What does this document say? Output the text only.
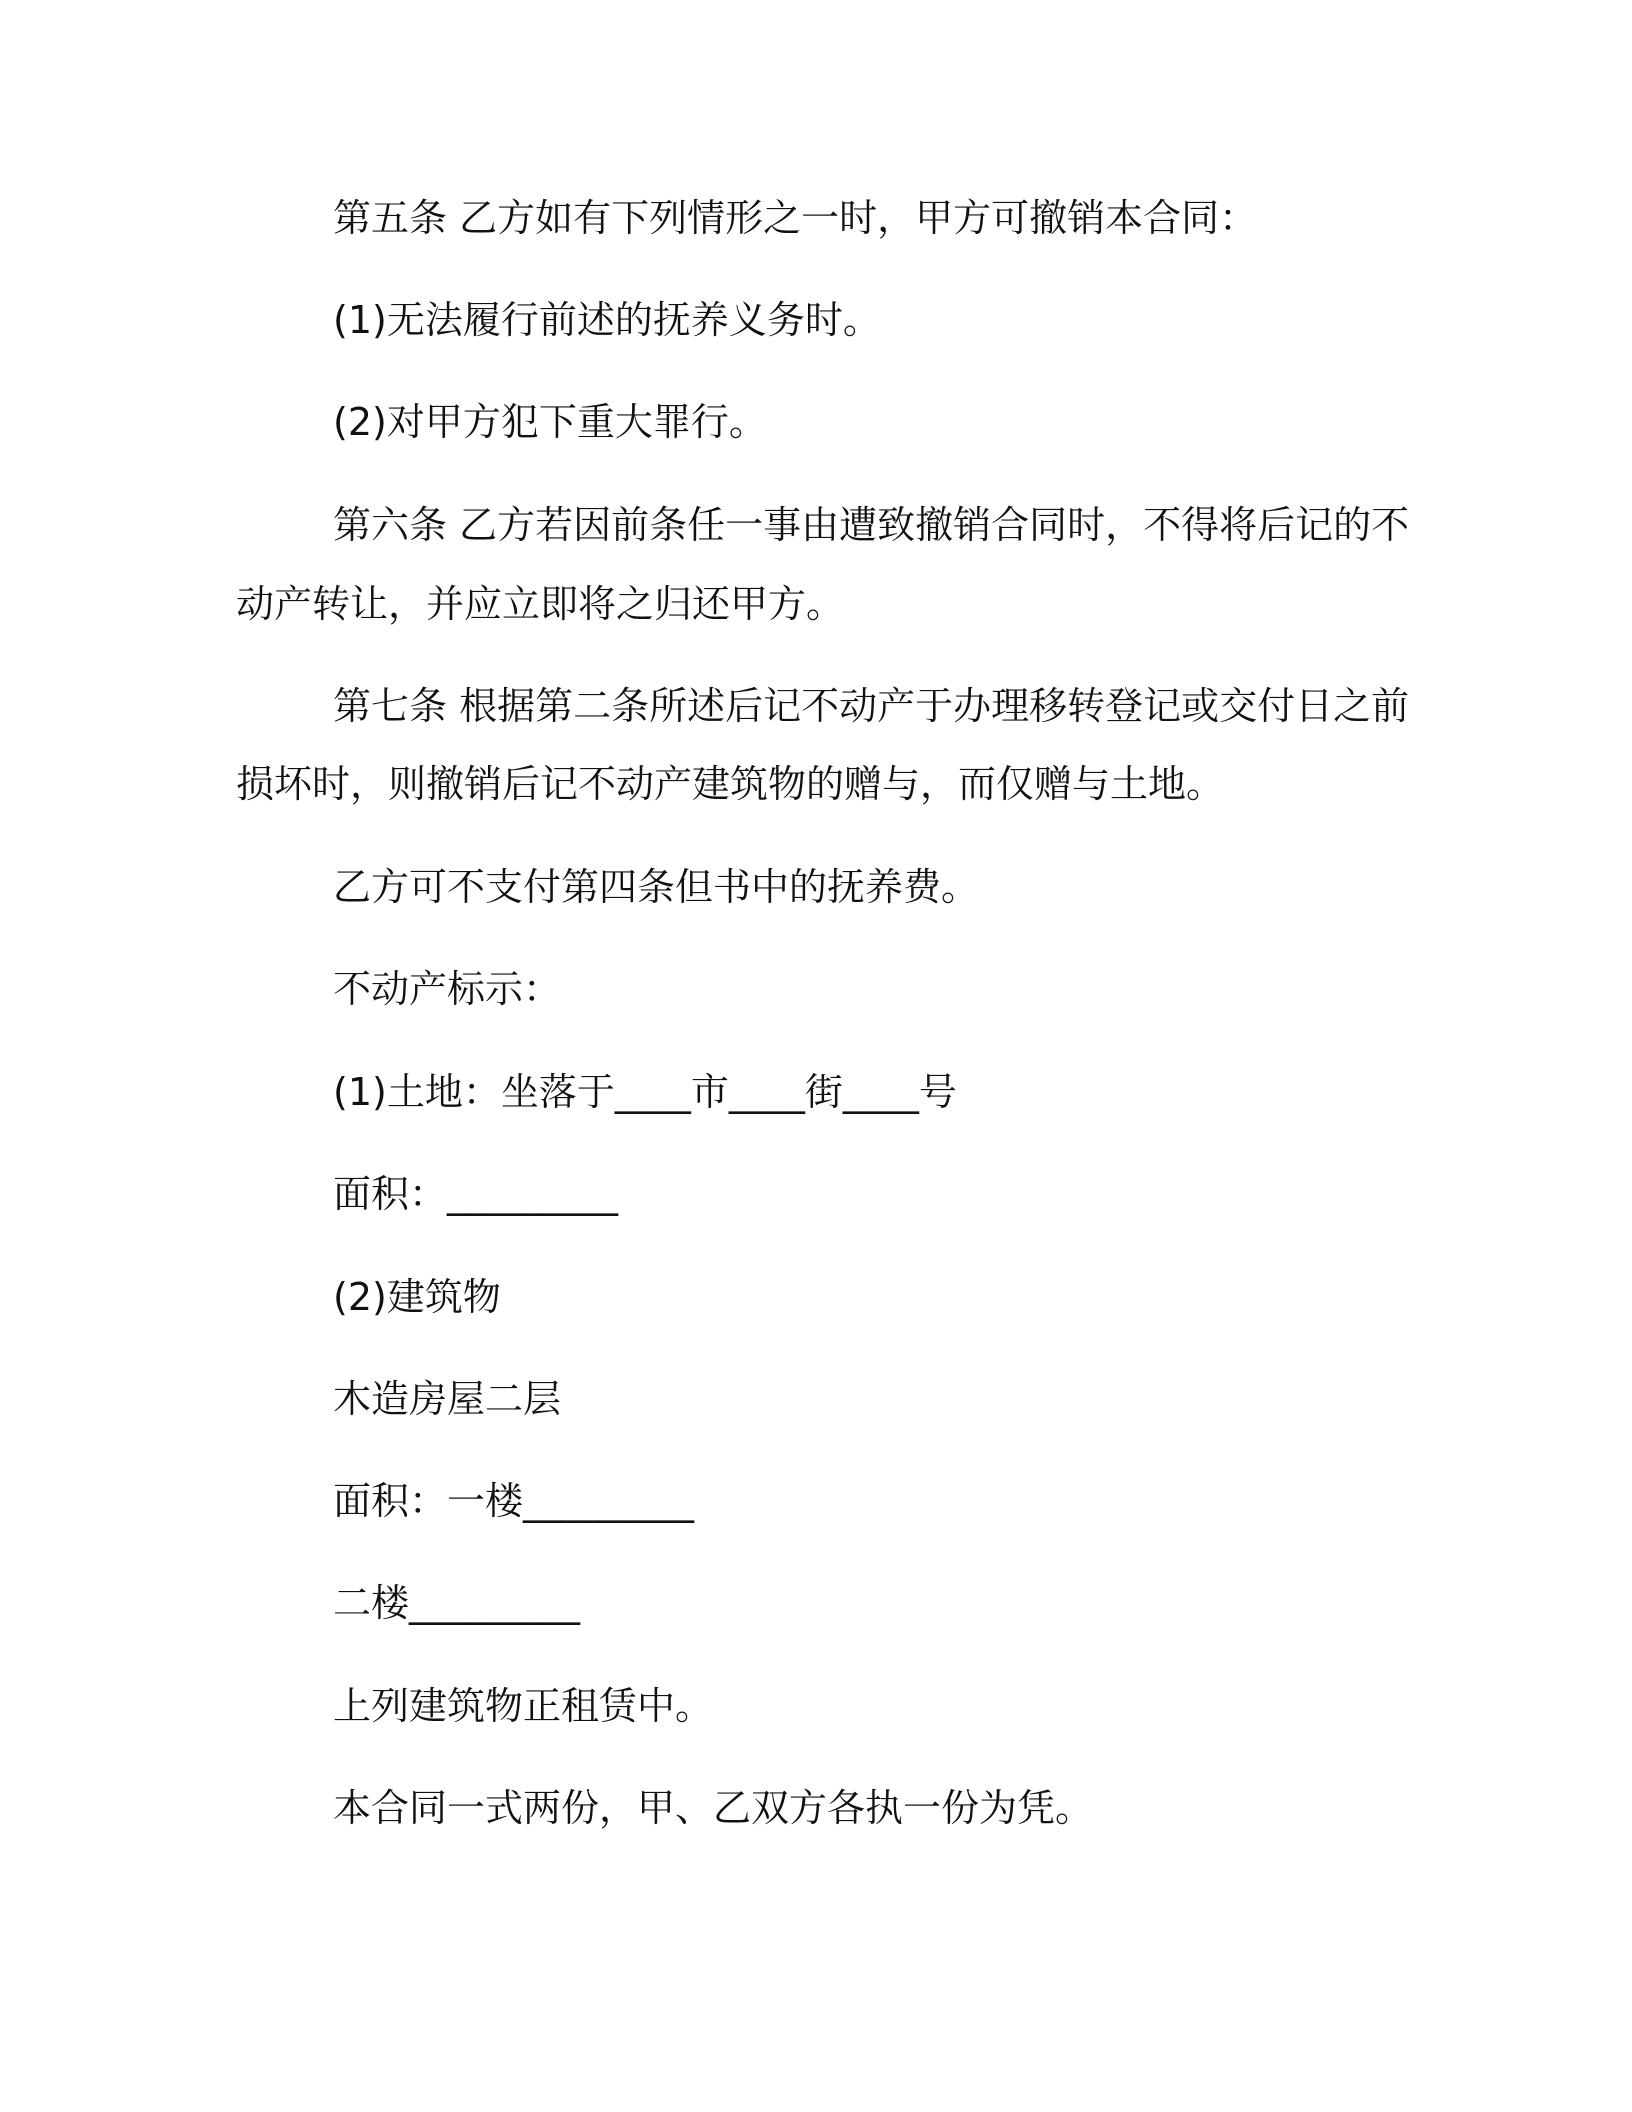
第五条 乙方如有下列情形之一时，甲方可撤销本合同：

(1)无法履行前述的抚养义务时。

(2)对甲方犯下重大罪行。

第六条 乙方若因前条任一事由遭致撤销合同时，不得将后记的不

动产转让，并应立即将之归还甲方。

第七条 根据第二条所述后记不动产于办理移转登记或交付日之前

损坏时，则撤销后记不动产建筑物的赠与，而仅赠与土地。

乙方可不支付第四条但书中的抚养费。

不动产标示：

(1)土地：坐落于____市____街____号

面积：_________

(2)建筑物

木造房屋二层

面积：一楼_________

二楼_________

上列建筑物正租赁中。

本合同一式两份，甲、乙双方各执一份为凭。
